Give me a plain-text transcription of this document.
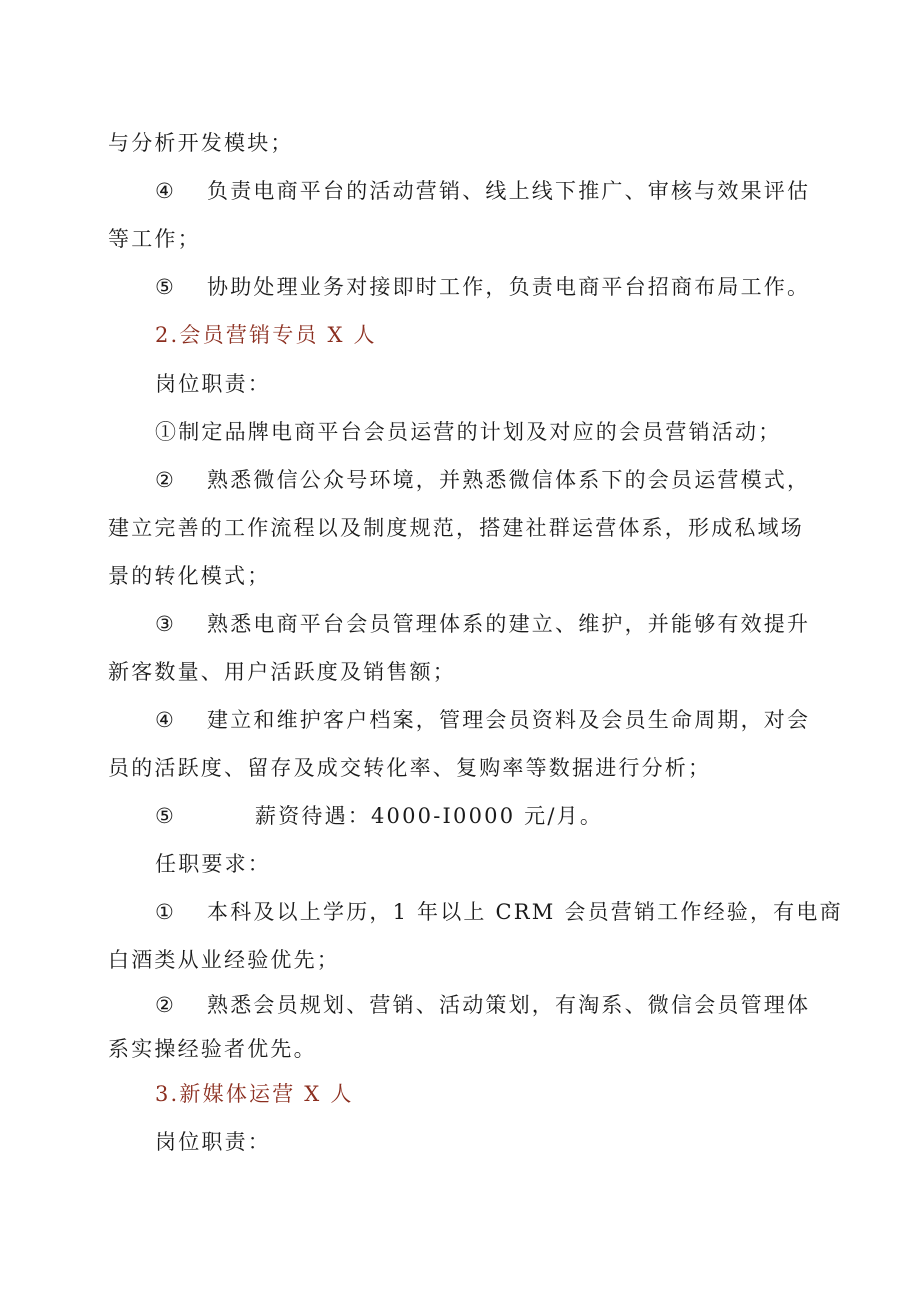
与分析开发模块；
④ 负责电商平台的活动营销、线上线下推广、审核与效果评估
等工作；
⑤ 协助处理业务对接即时工作，负责电商平台招商布局工作。
2.会员营销专员 X 人
岗位职责：
①制定品牌电商平台会员运营的计划及对应的会员营销活动；
② 熟悉微信公众号环境，并熟悉微信体系下的会员运营模式，
建立完善的工作流程以及制度规范，搭建社群运营体系，形成私域场
景的转化模式；
③ 熟悉电商平台会员管理体系的建立、维护，并能够有效提升
新客数量、用户活跃度及销售额；
④ 建立和维护客户档案，管理会员资料及会员生命周期，对会
员的活跃度、留存及成交转化率、复购率等数据进行分析；
⑤	薪资待遇：4000-I0000 元/月。
任职要求：
① 本科及以上学历，1 年以上 CRM 会员营销工作经验，有电商
白酒类从业经验优先；
② 熟悉会员规划、营销、活动策划，有淘系、微信会员管理体
系实操经验者优先。
3.新媒体运营 X 人
岗位职责：
